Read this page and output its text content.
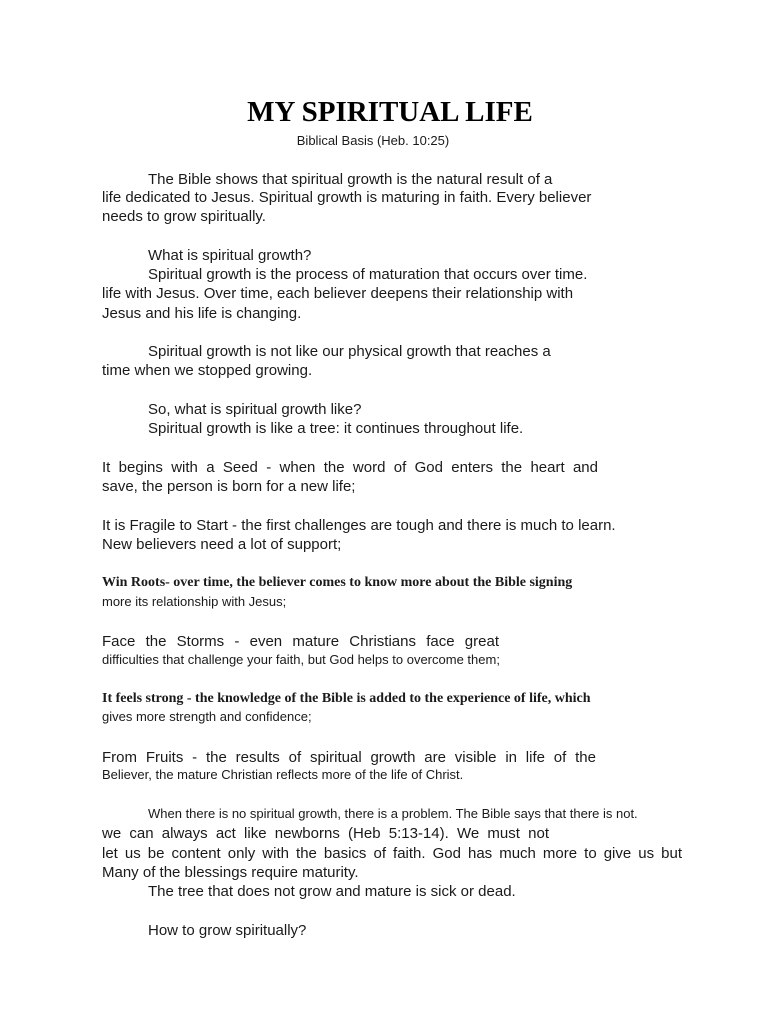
MY SPIRITUAL LIFE

Biblical Basis (Heb. 10:25)

The Bible shows that spiritual growth is the natural result of a

life dedicated to Jesus. Spiritual growth is maturing in faith. Every believer

needs to grow spiritually.

What is spiritual growth?

Spiritual growth is the process of maturation that occurs over time.

life with Jesus. Over time, each believer deepens their relationship with

Jesus and his life is changing.

Spiritual growth is not like our physical growth that reaches a

time when we stopped growing.

So, what is spiritual growth like?

Spiritual growth is like a tree: it continues throughout life.

It begins with a Seed - when the word of God enters the heart and

save, the person is born for a new life;

It is Fragile to Start - the first challenges are tough and there is much to learn.

New believers need a lot of support;

Win Roots- over time, the believer comes to know more about the Bible signing

more its relationship with Jesus;

Face the Storms - even mature Christians face great

difficulties that challenge your faith, but God helps to overcome them;

It feels strong - the knowledge of the Bible is added to the experience of life, which

gives more strength and confidence;

From Fruits - the results of spiritual growth are visible in life of the

Believer, the mature Christian reflects more of the life of Christ.

When there is no spiritual growth, there is a problem. The Bible says that there is not.

we can always act like newborns (Heb 5:13-14). We must not

let us be content only with the basics of faith. God has much more to give us but

Many of the blessings require maturity.

The tree that does not grow and mature is sick or dead.

How to grow spiritually?
